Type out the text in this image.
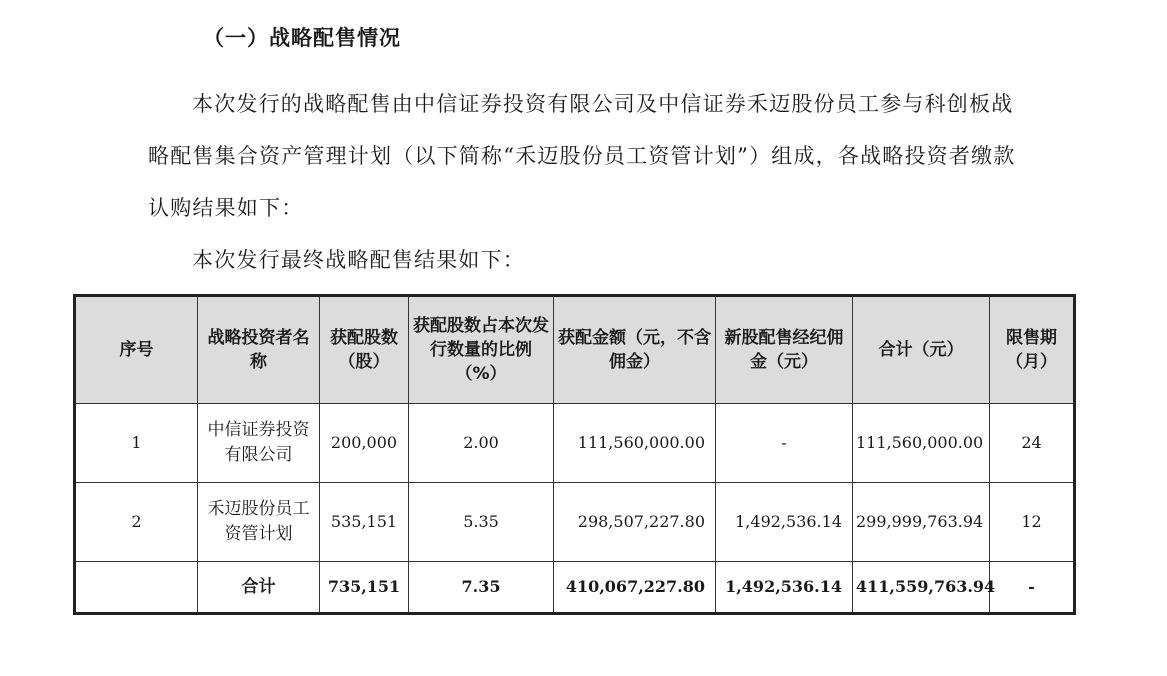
（一）战略配售情况

本次发行的战略配售由中信证券投资有限公司及中信证券禾迈股份员工参与科创板战略配售集合资产管理计划（以下简称“禾迈股份员工资管计划”）组成，各战略投资者缴款认购结果如下：

本次发行最终战略配售结果如下：
序号	战略投资者名称	获配股数（股）	获配股数占本次发行数量的比例（%）	获配金额（元，不含佣金）	新股配售经纪佣金（元）	合计（元）	限售期（月）
1	中信证券投资有限公司	200,000	2.00	111,560,000.00	-	111,560,000.00	24
2	禾迈股份员工资管计划	535,151	5.35	298,507,227.80	1,492,536.14	299,999,763.94	12
	合计	735,151	7.35	410,067,227.80	1,492,536.14	411,559,763.94	-
